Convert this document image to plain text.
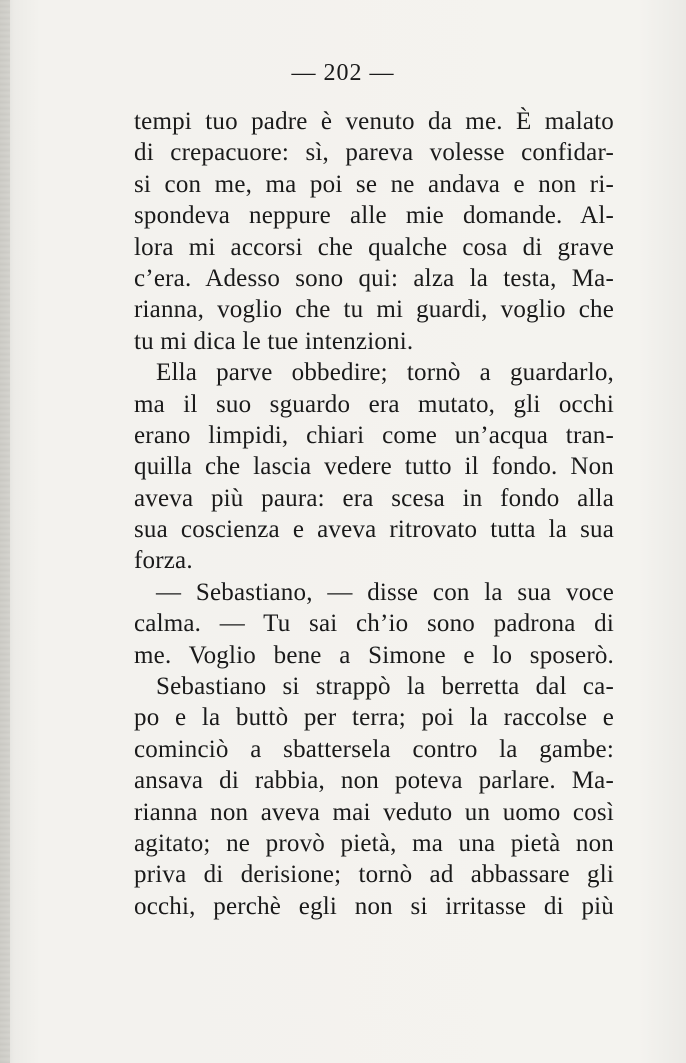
— 202 —
tempi tuo padre è venuto da me. È malato
di crepacuore: sì, pareva volesse confidar-
si con me, ma poi se ne andava e non ri-
spondeva neppure alle mie domande. Al-
lora mi accorsi che qualche cosa di grave
c’era. Adesso sono qui: alza la testa, Ma-
rianna, voglio che tu mi guardi, voglio che
tu mi dica le tue intenzioni.
Ella parve obbedire; tornò a guardarlo,
ma il suo sguardo era mutato, gli occhi
erano limpidi, chiari come un’acqua tran-
quilla che lascia vedere tutto il fondo. Non
aveva più paura: era scesa in fondo alla
sua coscienza e aveva ritrovato tutta la sua
forza.
— Sebastiano, — disse con la sua voce
calma. — Tu sai ch’io sono padrona di
me. Voglio bene a Simone e lo sposerò.
Sebastiano si strappò la berretta dal ca-
po e la buttò per terra; poi la raccolse e
cominciò a sbattersela contro la gambe:
ansava di rabbia, non poteva parlare. Ma-
rianna non aveva mai veduto un uomo così
agitato; ne provò pietà, ma una pietà non
priva di derisione; tornò ad abbassare gli
occhi, perchè egli non si irritasse di più
